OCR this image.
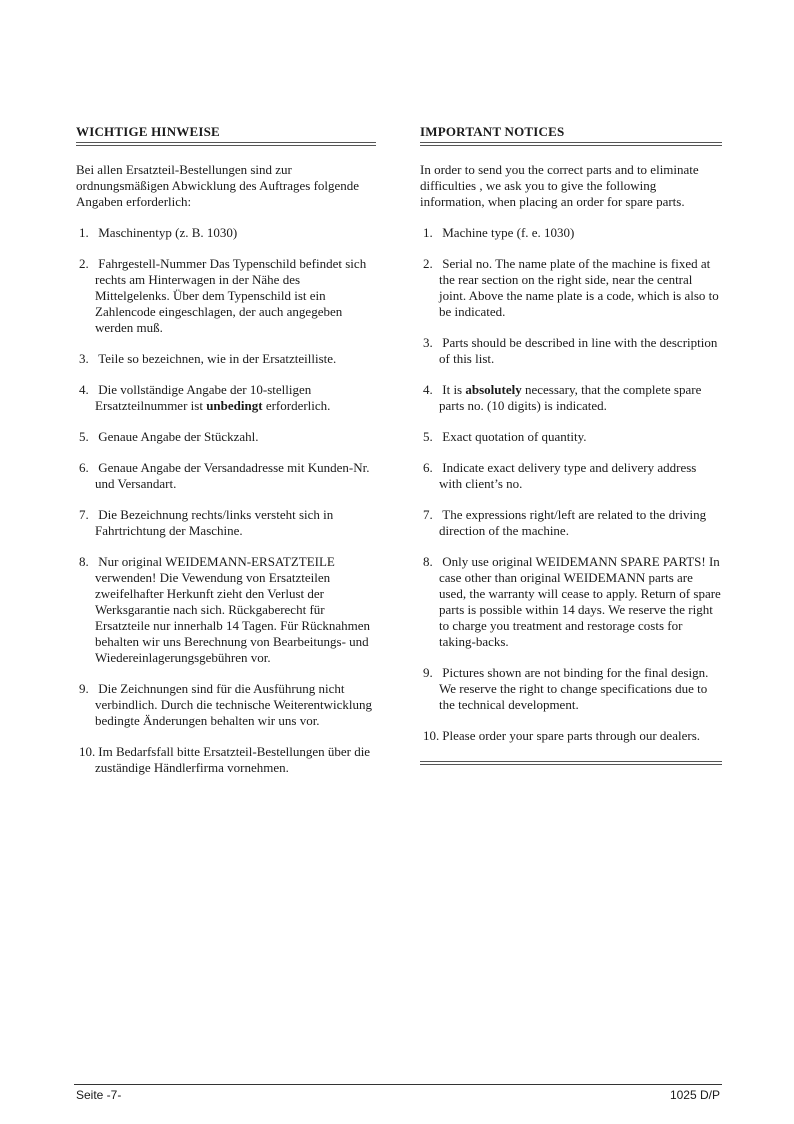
WICHTIGE HINWEISE
Bei allen Ersatzteil-Bestellungen sind zur ordnungsmäßigen Abwicklung des Auftrages folgende Angaben erforderlich:
1. Maschinentyp (z. B. 1030)
2. Fahrgestell-Nummer Das Typenschild befindet sich rechts am Hinterwagen in der Nähe des Mittelgelenks. Über dem Typenschild ist ein Zahlencode eingeschlagen, der auch angegeben werden muß.
3. Teile so bezeichnen, wie in der Ersatzteilliste.
4. Die vollständige Angabe der 10-stelligen Ersatzteilnummer ist unbedingt erforderlich.
5. Genaue Angabe der Stückzahl.
6. Genaue Angabe der Versandadresse mit Kunden-Nr. und Versandart.
7. Die Bezeichnung rechts/links versteht sich in Fahrtrichtung der Maschine.
8. Nur original WEIDEMANN-ERSATZTEILE verwenden! Die Vewendung von Ersatzteilen zweifelhafter Herkunft zieht den Verlust der Werksgarantie nach sich. Rückgaberecht für Ersatzteile nur innerhalb 14 Tagen. Für Rücknahmen behalten wir uns Berechnung von Bearbeitungs- und Wiedereinlagerungsgebühren vor.
9. Die Zeichnungen sind für die Ausführung nicht verbindlich. Durch die technische Weiterentwicklung bedingte Änderungen behalten wir uns vor.
10. Im Bedarfsfall bitte Ersatzteil-Bestellungen über die zuständige Händlerfirma vornehmen.
IMPORTANT NOTICES
In order to send you the correct parts and to eliminate difficulties , we ask you to give the following information, when placing an order for spare parts.
1. Machine type (f. e. 1030)
2. Serial no. The name plate of the machine is fixed at the rear section on the right side, near the central joint. Above the name plate is a code, which is also to be indicated.
3. Parts should be described in line with the description of this list.
4. It is absolutely necessary, that the complete spare parts no. (10 digits) is indicated.
5. Exact quotation of quantity.
6. Indicate exact delivery type and delivery address with client’s no.
7. The expressions right/left are related to the driving direction of the machine.
8. Only use original WEIDEMANN SPARE PARTS! In case other than original WEIDEMANN parts are used, the warranty will cease to apply. Return of spare parts is possible within 14 days. We reserve the right to charge you treatment and restorage costs for taking-backs.
9. Pictures shown are not binding for the final design. We reserve the right to change specifications due to the technical development.
10. Please order your spare parts through our dealers.
Seite -7-	1025 D/P
